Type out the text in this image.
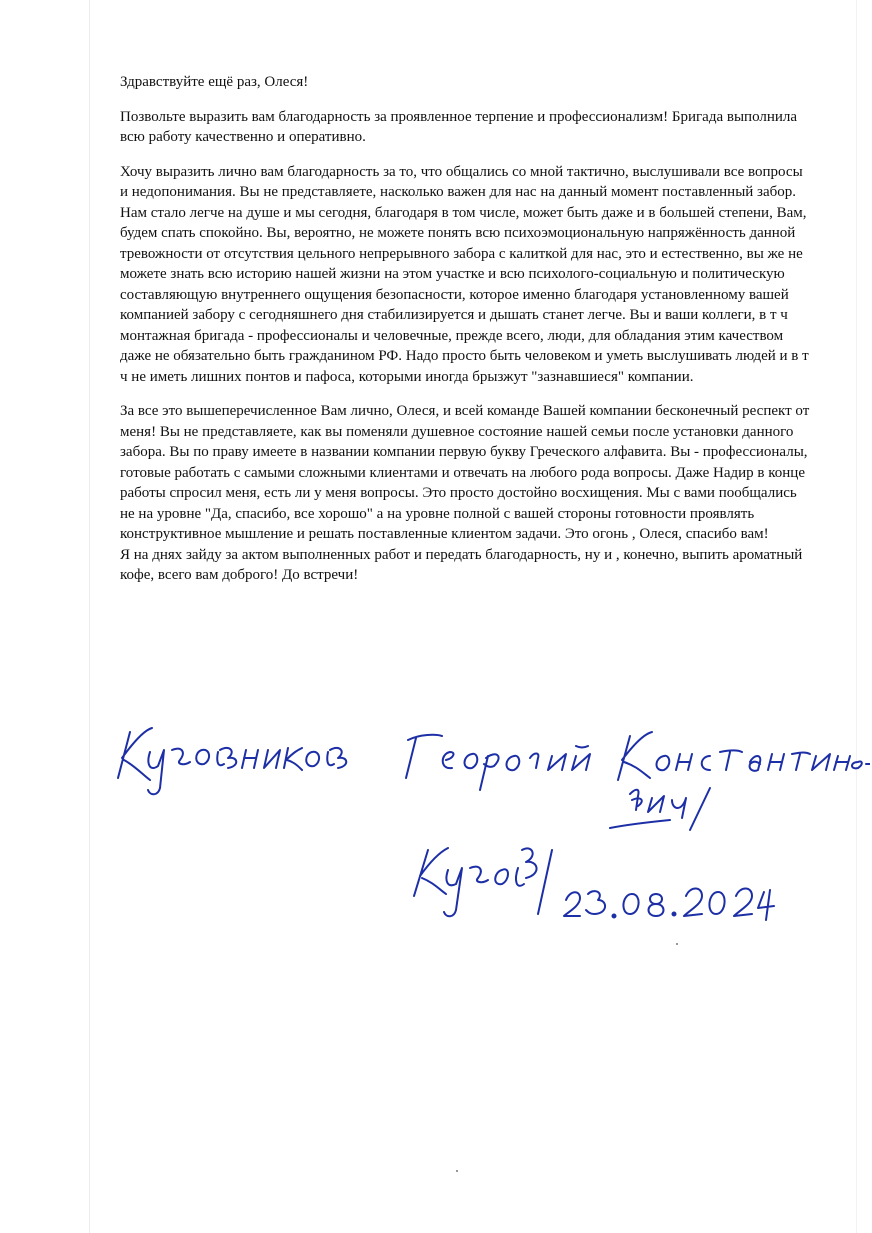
Здравствуйте ещё раз, Олеся!

Позвольте выразить вам благодарность за проявленное терпение и профессионализм! Бригада выполнила всю работу качественно и оперативно.

Хочу выразить лично вам благодарность за то, что общались со мной тактично, выслушивали все вопросы и недопонимания. Вы не представляете, насколько важен для нас на данный момент поставленный забор. Нам стало легче на душе и мы сегодня, благодаря в том числе, может быть даже и в большей степени, Вам, будем спать спокойно. Вы, вероятно, не можете понять всю психоэмоциональную напряжённость данной тревожности от отсутствия цельного непрерывного забора с калиткой для нас, это и естественно, вы же не можете знать всю историю нашей жизни на этом участке и всю психолого-социальную и политическую составляющую внутреннего ощущения безопасности, которое именно благодаря установленному вашей компанией забору с сегодняшнего дня стабилизируется и дышать станет легче. Вы и ваши коллеги, в т ч монтажная бригада - профессионалы и человечные, прежде всего, люди, для обладания этим качеством даже не обязательно быть гражданином РФ. Надо просто быть человеком и уметь выслушивать людей и в т ч не иметь лишних понтов и пафоса, которыми иногда брызжут "зазнавшиеся" компании.

За все это вышеперечисленное Вам лично, Олеся, и всей команде Вашей компании бесконечный респект от меня! Вы не представляете, как вы поменяли душевное состояние нашей семьи после установки данного забора. Вы по праву имеете в названии компании первую букву Греческого алфавита. Вы - профессионалы, готовые работать с самыми сложными клиентами и отвечать на любого рода вопросы. Даже Надир в конце работы спросил меня, есть ли у меня вопросы. Это просто достойно восхищения. Мы с вами пообщались не на уровне "Да, спасибо, все хорошо" а на уровне полной с вашей стороны готовности проявлять конструктивное мышление и решать поставленные клиентом задачи. Это огонь , Олеся, спасибо вам!

Я на днях зайду за актом выполненных работ и передать благодарность, ну и , конечно, выпить ароматный кофе, всего вам доброго! До встречи!
